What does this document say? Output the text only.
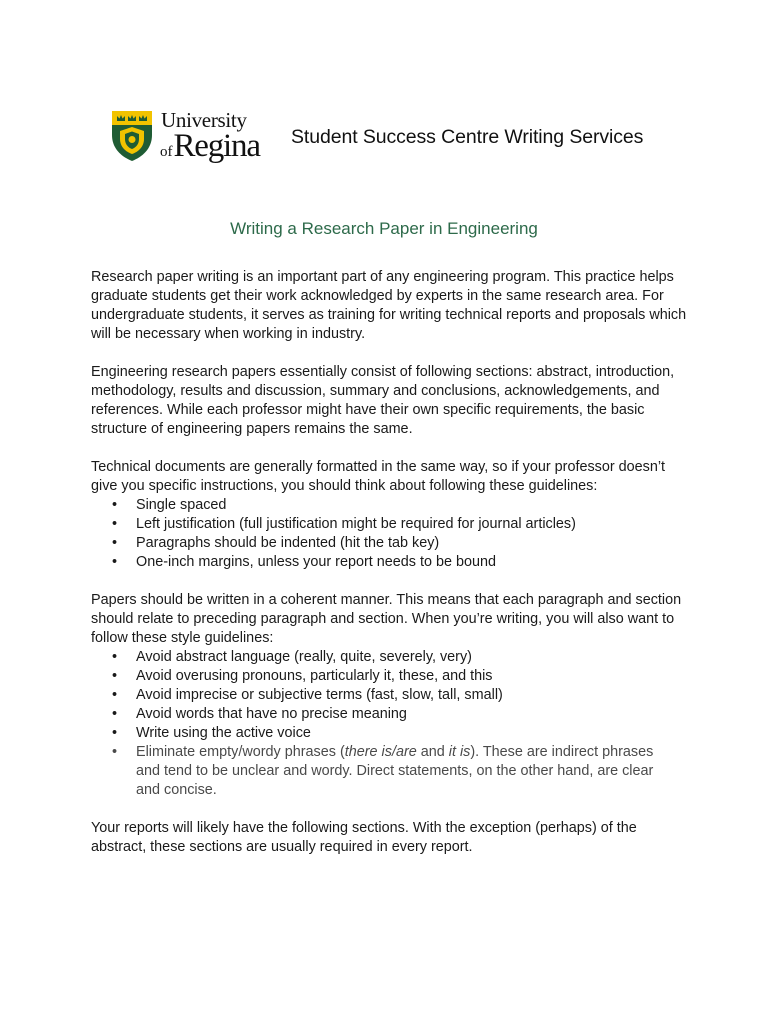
University
of Regina Student Success Centre Writing Services
Writing a Research Paper in Engineering

Research paper writing is an important part of any engineering program. This practice helps graduate students get their work acknowledged by experts in the same research area. For undergraduate students, it serves as training for writing technical reports and proposals which will be necessary when working in industry.

Engineering research papers essentially consist of following sections: abstract, introduction, methodology, results and discussion, summary and conclusions, acknowledgements, and references. While each professor might have their own specific requirements, the basic structure of engineering papers remains the same.

Technical documents are generally formatted in the same way, so if your professor doesn’t give you specific instructions, you should think about following these guidelines:

• Single spaced
• Left justification (full justification might be required for journal articles)
• Paragraphs should be indented (hit the tab key)
• One-inch margins, unless your report needs to be bound

Papers should be written in a coherent manner. This means that each paragraph and section should relate to preceding paragraph and section. When you’re writing, you will also want to follow these style guidelines:

• Avoid abstract language (really, quite, severely, very)
• Avoid overusing pronouns, particularly it, these, and this
• Avoid imprecise or subjective terms (fast, slow, tall, small)
• Avoid words that have no precise meaning
• Write using the active voice
• Eliminate empty/wordy phrases (there is/are and it is). These are indirect phrases and tend to be unclear and wordy. Direct statements, on the other hand, are clear and concise.

Your reports will likely have the following sections. With the exception (perhaps) of the abstract, these sections are usually required in every report.
